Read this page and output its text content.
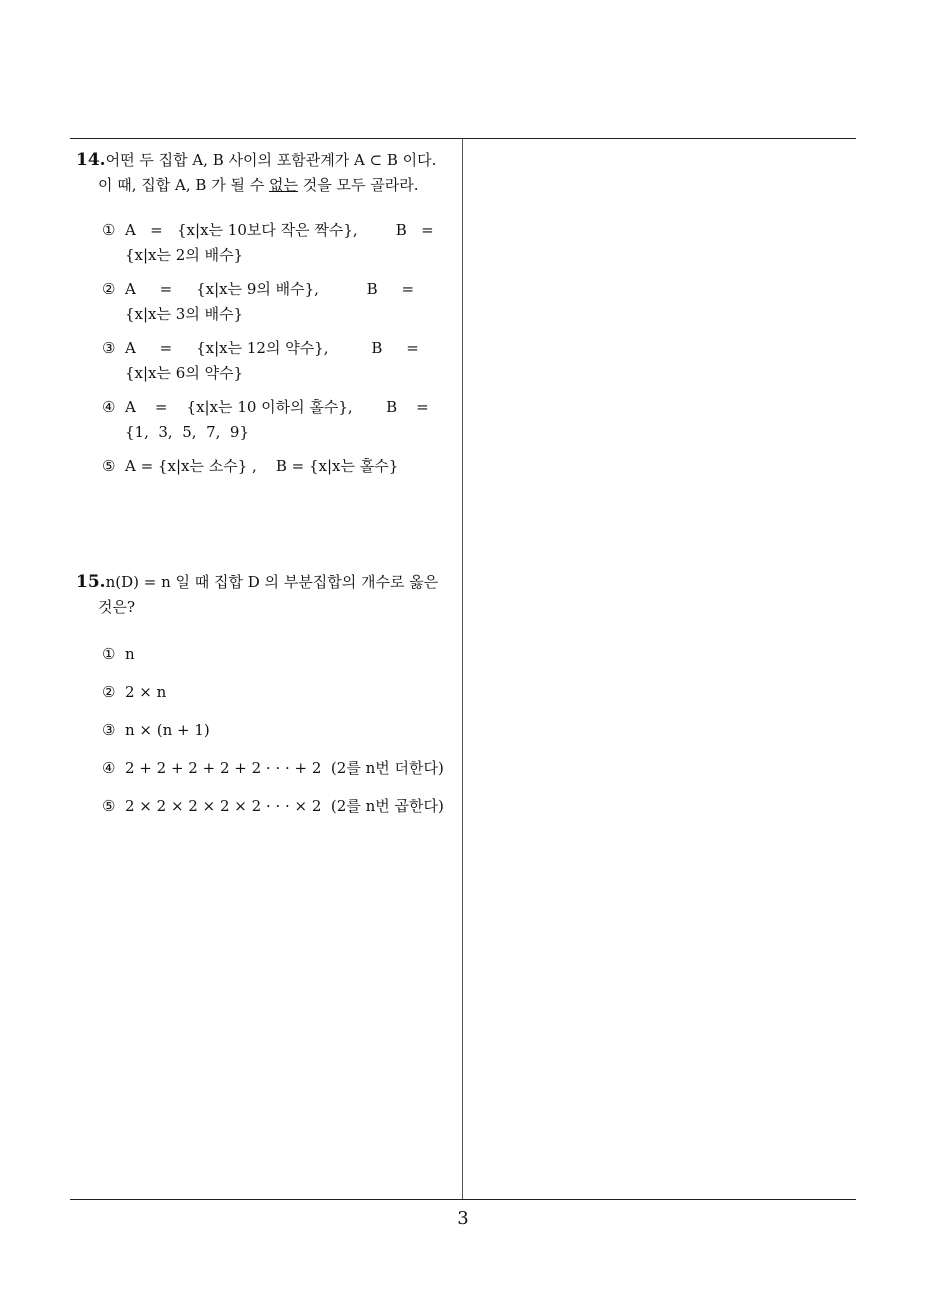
14.어떤 두 집합 A, B 사이의 포함관계가 A ⊂ B 이다.

이 때, 집합 A, B 가 될 수 없는 것을 모두 골라라.

① A   =   {x|x는 10보다 작은 짝수},        B   =
{x|x는 2의 배수}
② A     =     {x|x는 9의 배수},          B     =
{x|x는 3의 배수}
③ A     =     {x|x는 12의 약수},         B     =
{x|x는 6의 약수}
④ A    =    {x|x는 10 이하의 홀수},       B    =
{1,  3,  5,  7,  9}
⑤ A = {x|x는 소수} ,    B = {x|x는 홀수}

15.n(D) = n 일 때 집합 D 의 부분집합의 개수로 옳은

것은?

① n
② 2 × n
③ n × (n + 1)
④ 2 + 2 + 2 + 2 + 2 · · · + 2  (2를 n번 더한다)
⑤ 2 × 2 × 2 × 2 × 2 · · · × 2  (2를 n번 곱한다)
3
